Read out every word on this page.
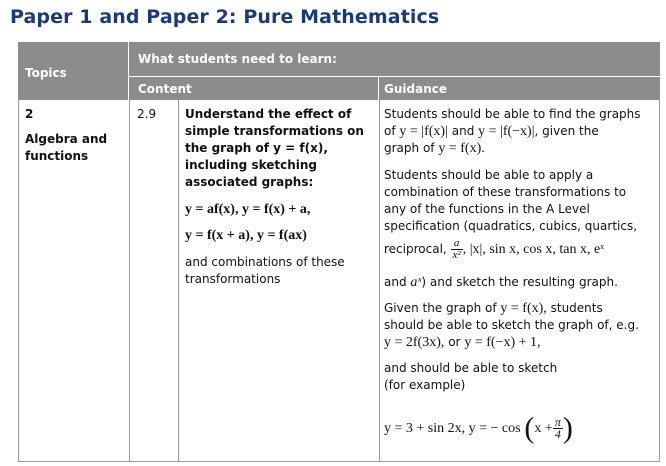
Paper 1 and Paper 2: Pure Mathematics
Topics
What students need to learn:
Content	Guidance
2
Algebra and
functions
2.9 Understand the effect of
simple transformations on
the graph of y = f(x),
including sketching
associated graphs:
y = af(x), y = f(x) + a,
y = f(x + a), y = f(ax)
and combinations of these
transformations
Students should be able to find the graphs
of y = |f(x)| and y = |f(−x)|, given the
graph of y = f(x).
Students should be able to apply a
combination of these transformations to
any of the functions in the A Level
specification (quadratics, cubics, quartics,
reciprocal, $\frac{a}{\text{x²}}$ , |x|, sin x, cos x, tan x, eˣ
and aˣ) and sketch the resulting graph.
Given the graph of y = f(x), students
should be able to sketch the graph of, e.g.
y = 2f(3x), or y = f(−x) + 1,
and should be able to sketch
(for example)
y = 3 + sin 2x, y = − $\cos (x + \frac{\pi}{4}$ )
